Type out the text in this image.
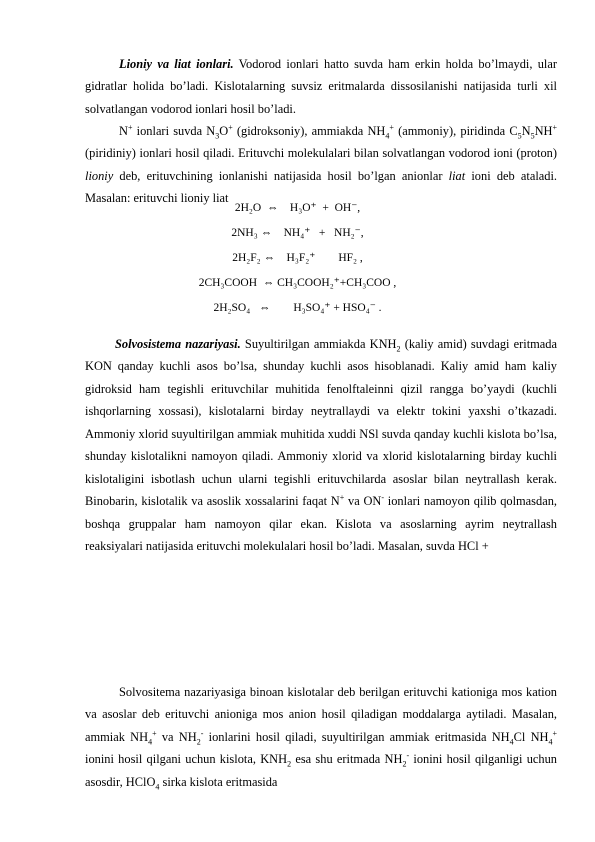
Lioniy va liat ionlari. Vodorod ionlari hatto suvda ham erkin holda bo’lmaydi, ular gidratlar holida bo’ladi. Kislotalarning suvsiz eritmalarda dissosilanishi natijasida turli xil solvatlangan vodorod ionlari hosil bo’ladi.

N+ ionlari suvda $N_3O^+$ (gidroksoniy), ammiakda $NH_4^+$ (ammoniy), piridinda $C_5N_5NH^+$ (piridiniy) ionlari hosil qiladi. Erituvchi molekulalari bilan solvatlangan vodorod ioni (proton) lioniy deb, erituvchining ionlanishi natijasida hosil bo’lgan anionlar liat ioni deb ataladi. Masalan: erituvchi lioniy liat

2H₂O  ⇔    H₃O⁺  +  OH⁻,
2NH₃ ⇔    NH₄⁺   +   NH₂⁻,
2H₂F₂ ⇔    H₃F₂⁺        HF₂ ,
2CH₃COOH  ⇔ CH₃COOH₂⁺+CH₃COO ,
2H₂SO₄   ⇔        H₃SO₄⁺ + HSO₄⁻ .

Solvosistema nazariyasi. Suyultirilgan ammiakda $KNH_2$ (kaliy amid) suvdagi eritmada KON qanday kuchli asos bo’lsa, shunday kuchli asos hisoblanadi. Kaliy amid ham kaliy gidroksid ham tegishli erituvchilar muhitida fenolftaleinni qizil rangga bo’yaydi (kuchli ishqorlarning xossasi), kislotalarni birday neytrallaydi va elektr tokini yaxshi o’tkazadi. Ammoniy xlorid suyultirilgan ammiak muhitida xuddi NSl suvda qanday kuchli kislota bo’lsa, shunday kislotalikni namoyon qiladi. Ammoniy xlorid va xlorid kislotalarning birday kuchli kislotaligini isbotlash uchun ularni tegishli erituvchilarda asoslar bilan neytrallash kerak. Binobarin, kislotalik va asoslik xossalarini faqat N+ va ON- ionlari namoyon qilib qolmasdan, boshqa gruppalar ham namoyon qilar ekan. Kislota va asoslarning ayrim neytrallash reaksiyalari natijasida erituvchi molekulalari hosil bo’ladi. Masalan, suvda HCl +

Solvositema nazariyasiga binoan kislotalar deb berilgan erituvchi kationiga mos kation va asoslar deb erituvchi anioniga mos anion hosil qiladigan moddalarga aytiladi. Masalan, ammiak $NH_4^+$ va $NH_2^-$ ionlarini hosil qiladi, suyultirilgan ammiak eritmasida $NH_4Cl$ $NH_4^+$ ionini hosil qilgani uchun kislota, $KNH_2$ esa shu eritmada $NH_2^-$ ionini hosil qilganligi uchun asosdir, HClO$_4$ sirka kislota eritmasida
